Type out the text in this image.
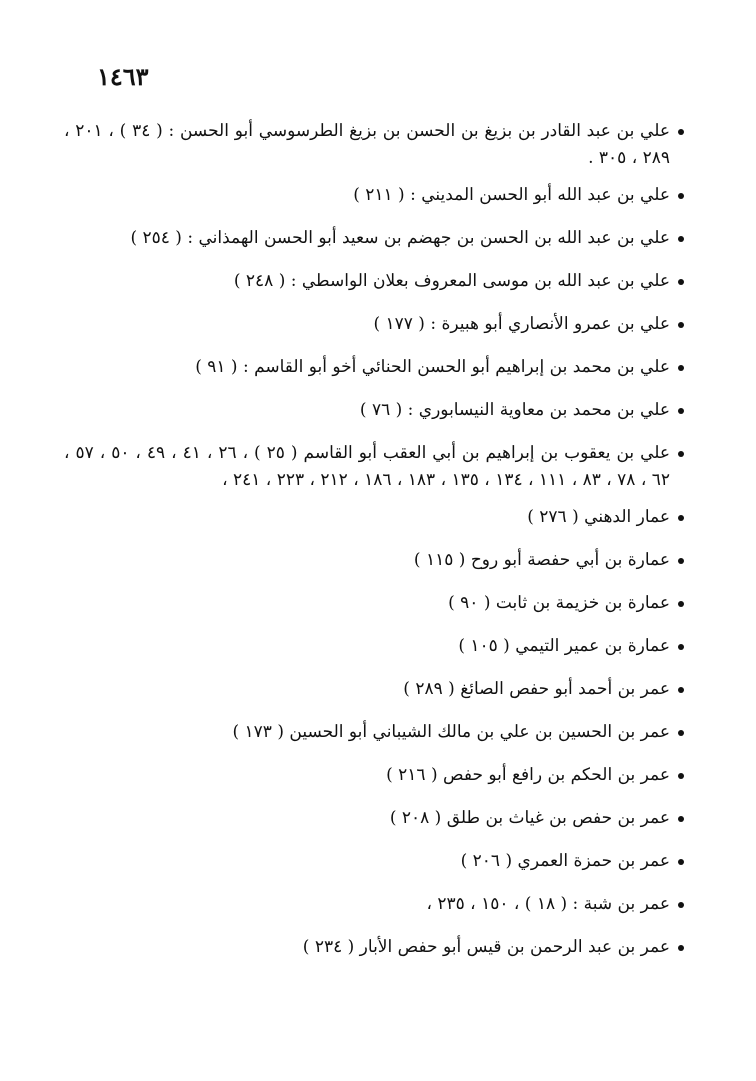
١٤٦٣
علي بن عبد القادر بن بزيغ بن الحسن بن بزيغ الطرسوسي أبو الحسن : ( ٣٤ ) ، ٢٠١ ، ٢٨٩ ، ٣٠٥ .
علي بن عبد الله أبو الحسن المديني : ( ٢١١ )
علي بن عبد الله بن الحسن بن جهضم بن سعيد أبو الحسن الهمذاني : ( ٢٥٤ )
علي بن عبد الله بن موسى المعروف بعلان الواسطي : ( ٢٤٨ )
علي بن عمرو الأنصاري أبو هبيرة : ( ١٧٧ )
علي بن محمد بن إبراهيم أبو الحسن الحنائي أخو أبو القاسم : ( ٩١ )
علي بن محمد بن معاوية النيسابوري : ( ٧٦ )
علي بن يعقوب بن إبراهيم بن أبي العقب أبو القاسم ( ٢٥ ) ، ٢٦ ، ٤١ ، ٤٩ ، ٥٠ ، ٥٧ ، ٦٢ ، ٧٨ ، ٨٣ ، ١١١ ، ١٣٤ ، ١٣٥ ، ١٨٣ ، ١٨٦ ، ٢١٢ ، ٢٢٣ ، ٢٤١ ،
عمار الدهني ( ٢٧٦ )
عمارة بن أبي حفصة أبو روح ( ١١٥ )
عمارة بن خزيمة بن ثابت ( ٩٠ )
عمارة بن عمير التيمي ( ١٠٥ )
عمر بن أحمد أبو حفص الصائغ ( ٢٨٩ )
عمر بن الحسين بن علي بن مالك الشيباني أبو الحسين ( ١٧٣ )
عمر بن الحكم بن رافع أبو حفص ( ٢١٦ )
عمر بن حفص بن غياث بن طلق ( ٢٠٨ )
عمر بن حمزة العمري ( ٢٠٦ )
عمر بن شبة : ( ١٨ ) ، ١٥٠ ، ٢٣٥ ،
عمر بن عبد الرحمن بن قيس أبو حفص الأبار ( ٢٣٤ )
